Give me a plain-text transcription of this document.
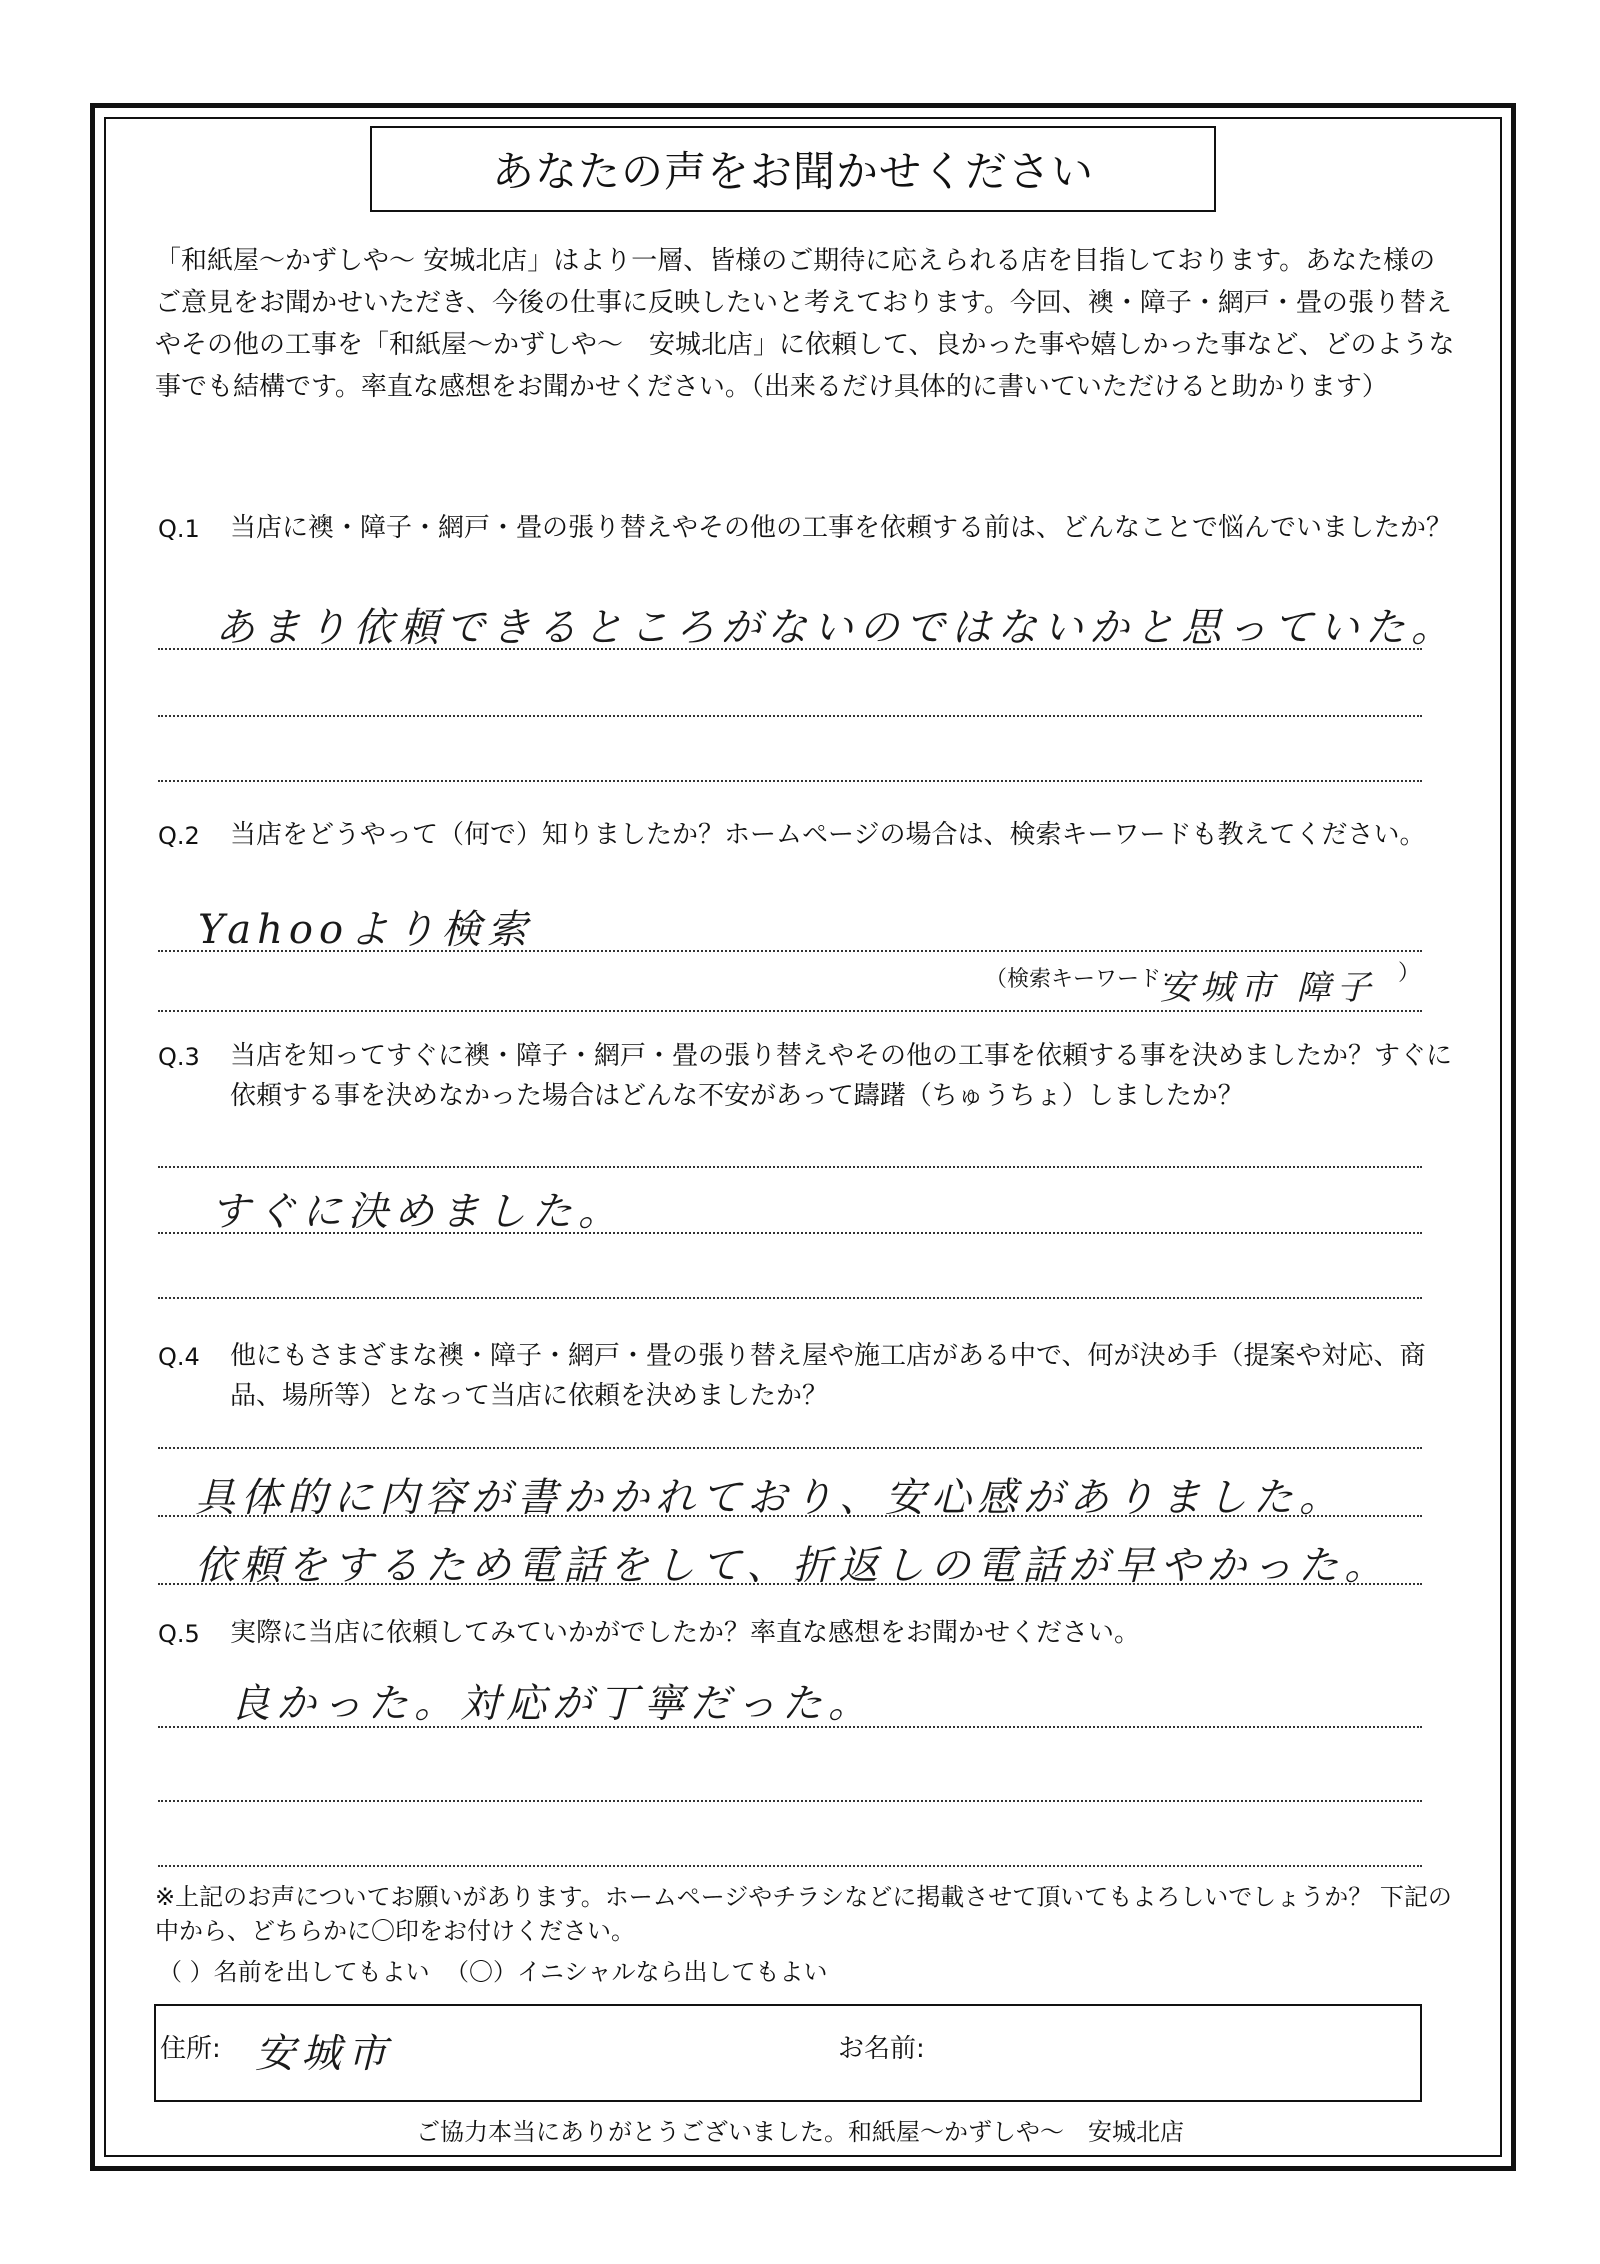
あなたの声をお聞かせください
「和紙屋～かずしや～ 安城北店」はより一層、皆様のご期待に応えられる店を目指しております。あなた様のご意見をお聞かせいただき、今後の仕事に反映したいと考えております。今回、襖・障子・網戸・畳の張り替えやその他の工事を「和紙屋～かずしや～　安城北店」に依頼して、良かった事や嬉しかった事など、どのような事でも結構です。率直な感想をお聞かせください。（出来るだけ具体的に書いていただけると助かります）
Q.1 当店に襖・障子・網戸・畳の張り替えやその他の工事を依頼する前は、どんなことで悩んでいましたか？
あまり依頼できるところがないのではないかと思っていた。
Q.2 当店をどうやって（何で）知りましたか？ホームページの場合は、検索キーワードも教えてください。
Yahooより検索
（検索キーワード：
安城市 障子 ）
Q.3 当店を知ってすぐに襖・障子・網戸・畳の張り替えやその他の工事を依頼する事を決めましたか？すぐに依頼する事を決めなかった場合はどんな不安があって躊躇（ちゅうちょ）しましたか？
すぐに決めました。
Q.4 他にもさまざまな襖・障子・網戸・畳の張り替え屋や施工店がある中で、何が決め手（提案や対応、商品、場所等）となって当店に依頼を決めましたか？
具体的に内容が書かかれており、安心感がありました。
依頼をするため電話をして、折返しの電話が早やかった。
Q.5 実際に当店に依頼してみていかがでしたか？率直な感想をお聞かせください。
良かった。対応が丁寧だった。
※上記のお声についてお願いがあります。ホームページやチラシなどに掲載させて頂いてもよろしいでしょうか？ 下記の中から、どちらかに〇印をお付けください。
（ ）名前を出してもよい （〇）イニシャルなら出してもよい
住所: 安城市	お名前:
ご協力本当にありがとうございました。和紙屋～かずしや～　安城北店
